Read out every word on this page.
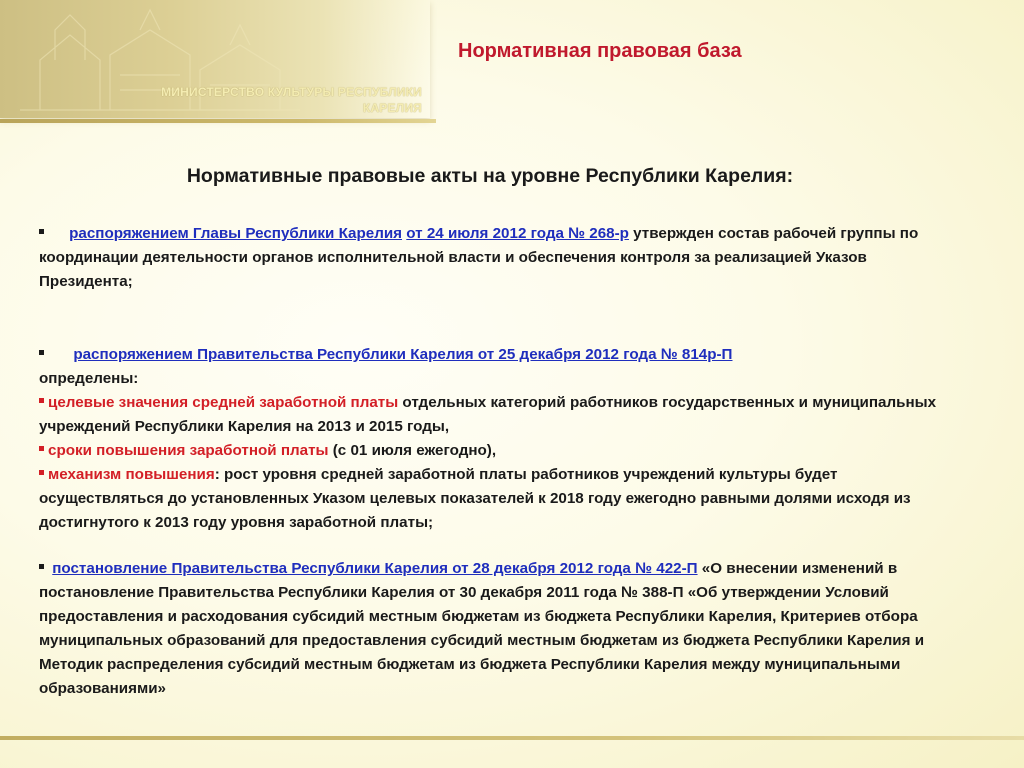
МИНИСТЕРСТВО КУЛЬТУРЫ РЕСПУБЛИКИ
КАРЕЛИЯ
Нормативная правовая база
Нормативные правовые акты на уровне Республики Карелия:

распоряжением Главы Республики Карелия от 24 июля 2012 года № 268-р утвержден состав рабочей группы по координации деятельности органов исполнительной власти и обеспечения контроля за реализацией Указов Президента;

распоряжением Правительства Республики Карелия от 25 декабря 2012 года № 814р-П
определены:
целевые значения средней заработной платы отдельных категорий работников государственных и муниципальных учреждений Республики Карелия на 2013 и 2015 годы,
сроки повышения заработной платы (с 01 июля ежегодно),
механизм повышения: рост уровня средней заработной платы работников учреждений культуры будет осуществляться до установленных Указом целевых показателей к 2018 году ежегодно равными долями исходя из достигнутого к 2013 году уровня заработной платы;

постановление Правительства Республики Карелия от 28 декабря 2012 года № 422-П «О внесении изменений в постановление Правительства Республики Карелия от 30 декабря 2011 года № 388-П «Об утверждении Условий предоставления и расходования субсидий местным бюджетам из бюджета Республики Карелия, Критериев отбора муниципальных образований для предоставления субсидий местным бюджетам из бюджета Республики Карелия и Методик распределения субсидий местным бюджетам из бюджета Республики Карелия между муниципальными образованиями»
